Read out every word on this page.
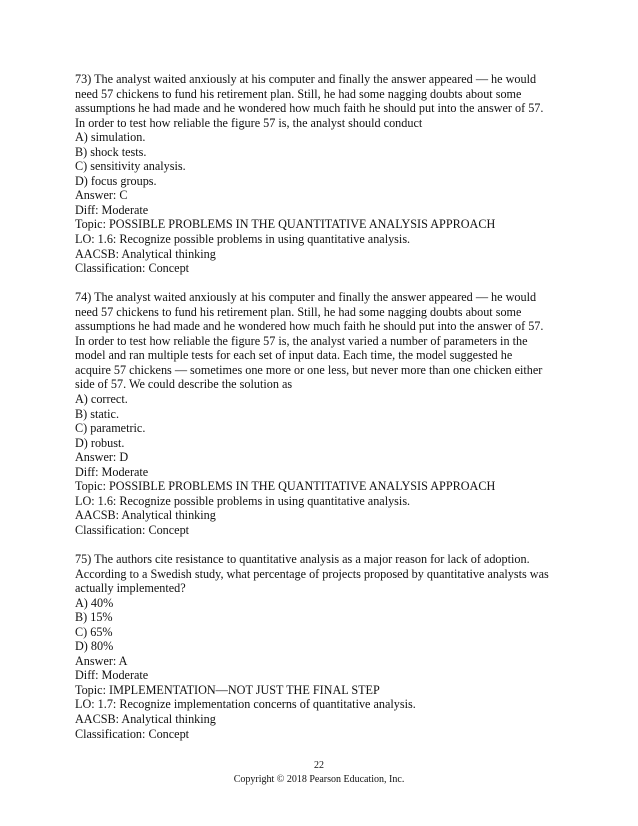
73) The analyst waited anxiously at his computer and finally the answer appeared — he would
need 57 chickens to fund his retirement plan. Still, he had some nagging doubts about some
assumptions he had made and he wondered how much faith he should put into the answer of 57.
In order to test how reliable the figure 57 is, the analyst should conduct
A) simulation.
B) shock tests.
C) sensitivity analysis.
D) focus groups.
Answer: C
Diff: Moderate
Topic: POSSIBLE PROBLEMS IN THE QUANTITATIVE ANALYSIS APPROACH
LO: 1.6: Recognize possible problems in using quantitative analysis.
AACSB: Analytical thinking
Classification: Concept
74) The analyst waited anxiously at his computer and finally the answer appeared — he would
need 57 chickens to fund his retirement plan. Still, he had some nagging doubts about some
assumptions he had made and he wondered how much faith he should put into the answer of 57.
In order to test how reliable the figure 57 is, the analyst varied a number of parameters in the
model and ran multiple tests for each set of input data. Each time, the model suggested he
acquire 57 chickens — sometimes one more or one less, but never more than one chicken either
side of 57. We could describe the solution as
A) correct.
B) static.
C) parametric.
D) robust.
Answer: D
Diff: Moderate
Topic: POSSIBLE PROBLEMS IN THE QUANTITATIVE ANALYSIS APPROACH
LO: 1.6: Recognize possible problems in using quantitative analysis.
AACSB: Analytical thinking
Classification: Concept
75) The authors cite resistance to quantitative analysis as a major reason for lack of adoption.
According to a Swedish study, what percentage of projects proposed by quantitative analysts was
actually implemented?
A) 40%
B) 15%
C) 65%
D) 80%
Answer: A
Diff: Moderate
Topic: IMPLEMENTATION—NOT JUST THE FINAL STEP
LO: 1.7: Recognize implementation concerns of quantitative analysis.
AACSB: Analytical thinking
Classification: Concept
22
Copyright © 2018 Pearson Education, Inc.
